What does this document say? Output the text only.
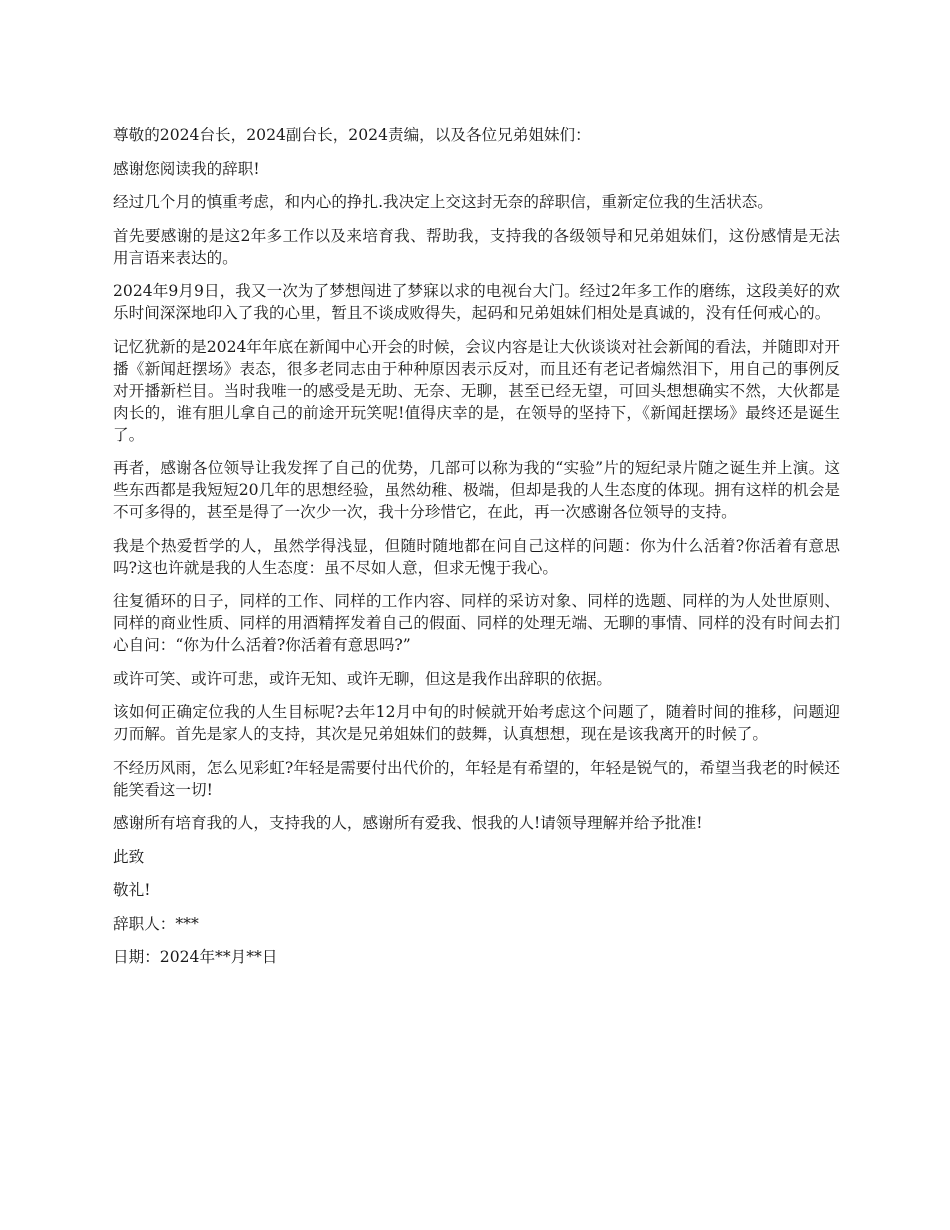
尊敬的2024台长，2024副台长，2024责编，以及各位兄弟姐妹们：

感谢您阅读我的辞职!

经过几个月的慎重考虑，和内心的挣扎.我决定上交这封无奈的辞职信，重新定位我的生活状态。

首先要感谢的是这2年多工作以及来培育我、帮助我，支持我的各级领导和兄弟姐妹们，这份感情是无法用言语来表达的。

2024年9月9日，我又一次为了梦想闯进了梦寐以求的电视台大门。经过2年多工作的磨练，这段美好的欢乐时间深深地印入了我的心里，暂且不谈成败得失，起码和兄弟姐妹们相处是真诚的，没有任何戒心的。

记忆犹新的是2024年年底在新闻中心开会的时候，会议内容是让大伙谈谈对社会新闻的看法，并随即对开播《新闻赶摆场》表态，很多老同志由于种种原因表示反对，而且还有老记者煽然泪下，用自己的事例反对开播新栏目。当时我唯一的感受是无助、无奈、无聊，甚至已经无望，可回头想想确实不然，大伙都是肉长的，谁有胆儿拿自己的前途开玩笑呢!值得庆幸的是，在领导的坚持下，《新闻赶摆场》最终还是诞生了。

再者，感谢各位领导让我发挥了自己的优势，几部可以称为我的“实验”片的短纪录片随之诞生并上演。这些东西都是我短短20几年的思想经验，虽然幼稚、极端，但却是我的人生态度的体现。拥有这样的机会是不可多得的，甚至是得了一次少一次，我十分珍惜它，在此，再一次感谢各位领导的支持。

我是个热爱哲学的人，虽然学得浅显，但随时随地都在问自己这样的问题：你为什么活着?你活着有意思吗?这也许就是我的人生态度：虽不尽如人意，但求无愧于我心。

往复循环的日子，同样的工作、同样的工作内容、同样的采访对象、同样的选题、同样的为人处世原则、同样的商业性质、同样的用酒精挥发着自己的假面、同样的处理无端、无聊的事情、同样的没有时间去扪心自问：“你为什么活着?你活着有意思吗?”

或许可笑、或许可悲，或许无知、或许无聊，但这是我作出辞职的依据。

该如何正确定位我的人生目标呢?去年12月中旬的时候就开始考虑这个问题了，随着时间的推移，问题迎刃而解。首先是家人的支持，其次是兄弟姐妹们的鼓舞，认真想想，现在是该我离开的时候了。

不经历风雨，怎么见彩虹?年轻是需要付出代价的，年轻是有希望的，年轻是锐气的，希望当我老的时候还能笑看这一切!

感谢所有培育我的人，支持我的人，感谢所有爱我、恨我的人!请领导理解并给予批准!

此致

敬礼!

辞职人：***

日期：2024年**月**日
